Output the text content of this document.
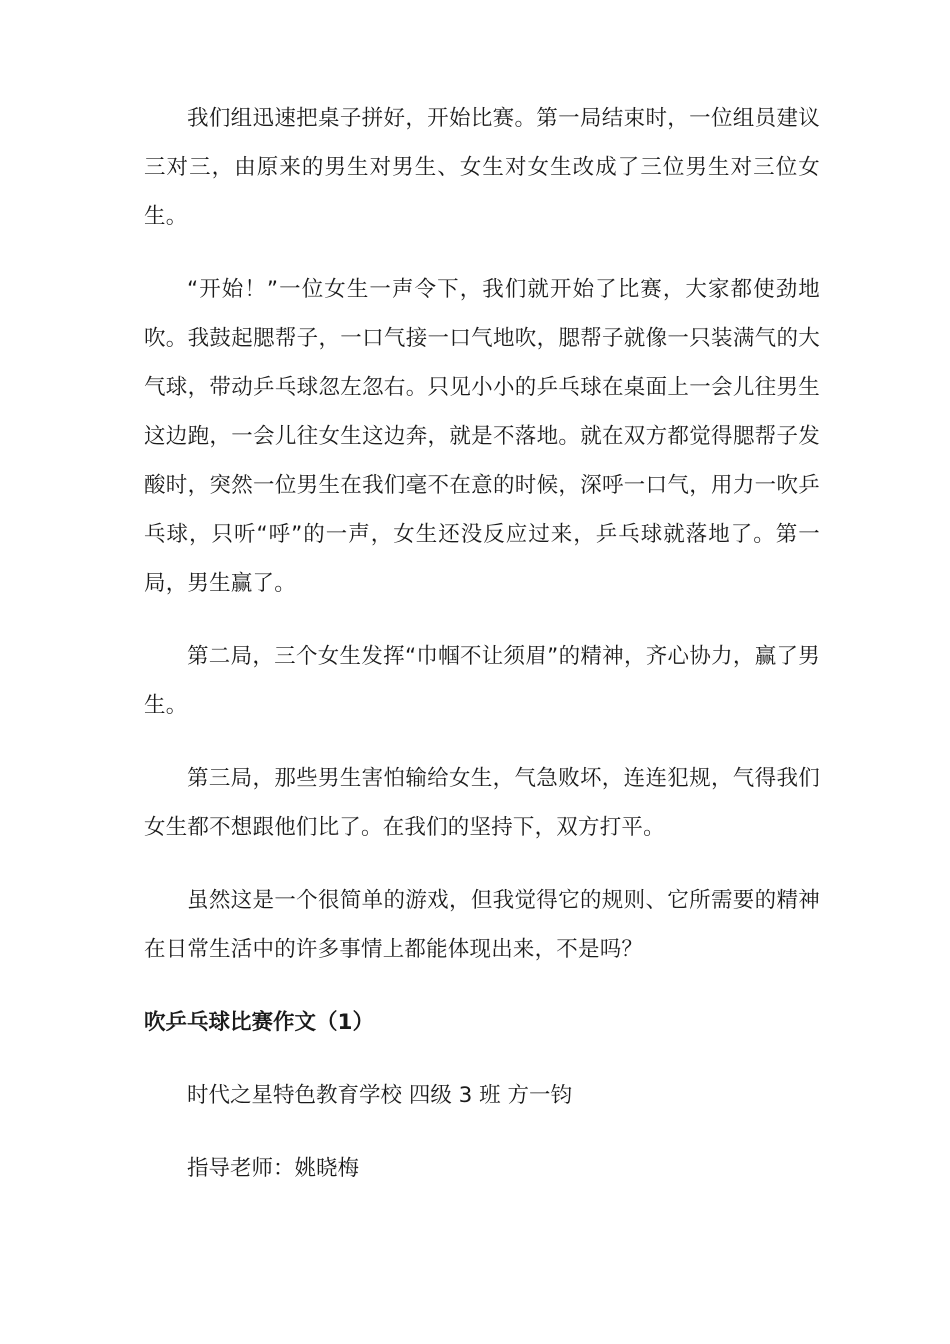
我们组迅速把桌子拼好，开始比赛。第一局结束时，一位组员建议三对三，由原来的男生对男生、女生对女生改成了三位男生对三位女生。

“开始！”一位女生一声令下，我们就开始了比赛，大家都使劲地吹。我鼓起腮帮子，一口气接一口气地吹，腮帮子就像一只装满气的大气球，带动乒乓球忽左忽右。只见小小的乒乓球在桌面上一会儿往男生这边跑，一会儿往女生这边奔，就是不落地。就在双方都觉得腮帮子发酸时，突然一位男生在我们毫不在意的时候，深呼一口气，用力一吹乒乓球，只听“呼”的一声，女生还没反应过来，乒乓球就落地了。第一局，男生赢了。

第二局，三个女生发挥“巾帼不让须眉”的精神，齐心协力，赢了男生。

第三局，那些男生害怕输给女生，气急败坏，连连犯规，气得我们女生都不想跟他们比了。在我们的坚持下，双方打平。

虽然这是一个很简单的游戏，但我觉得它的规则、它所需要的精神在日常生活中的许多事情上都能体现出来，不是吗？

吹乒乓球比赛作文（1）

时代之星特色教育学校 四级 3 班 方一钧

指导老师：姚晓梅
